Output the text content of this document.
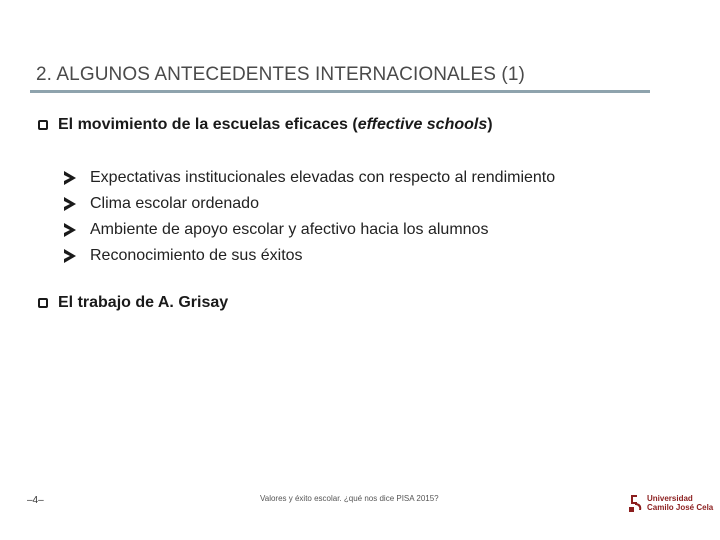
2. ALGUNOS ANTECEDENTES INTERNACIONALES (1)
El movimiento de la escuelas eficaces ( effective schools )
Expectativas institucionales elevadas con respecto al rendimiento
Clima escolar ordenado
Ambiente de apoyo escolar y afectivo hacia los alumnos
Reconocimiento de sus éxitos
El trabajo de A. Grisay
–4–	Valores y éxito escolar. ¿qué nos dice PISA 2015?	Universidad
Camilo José Cela
